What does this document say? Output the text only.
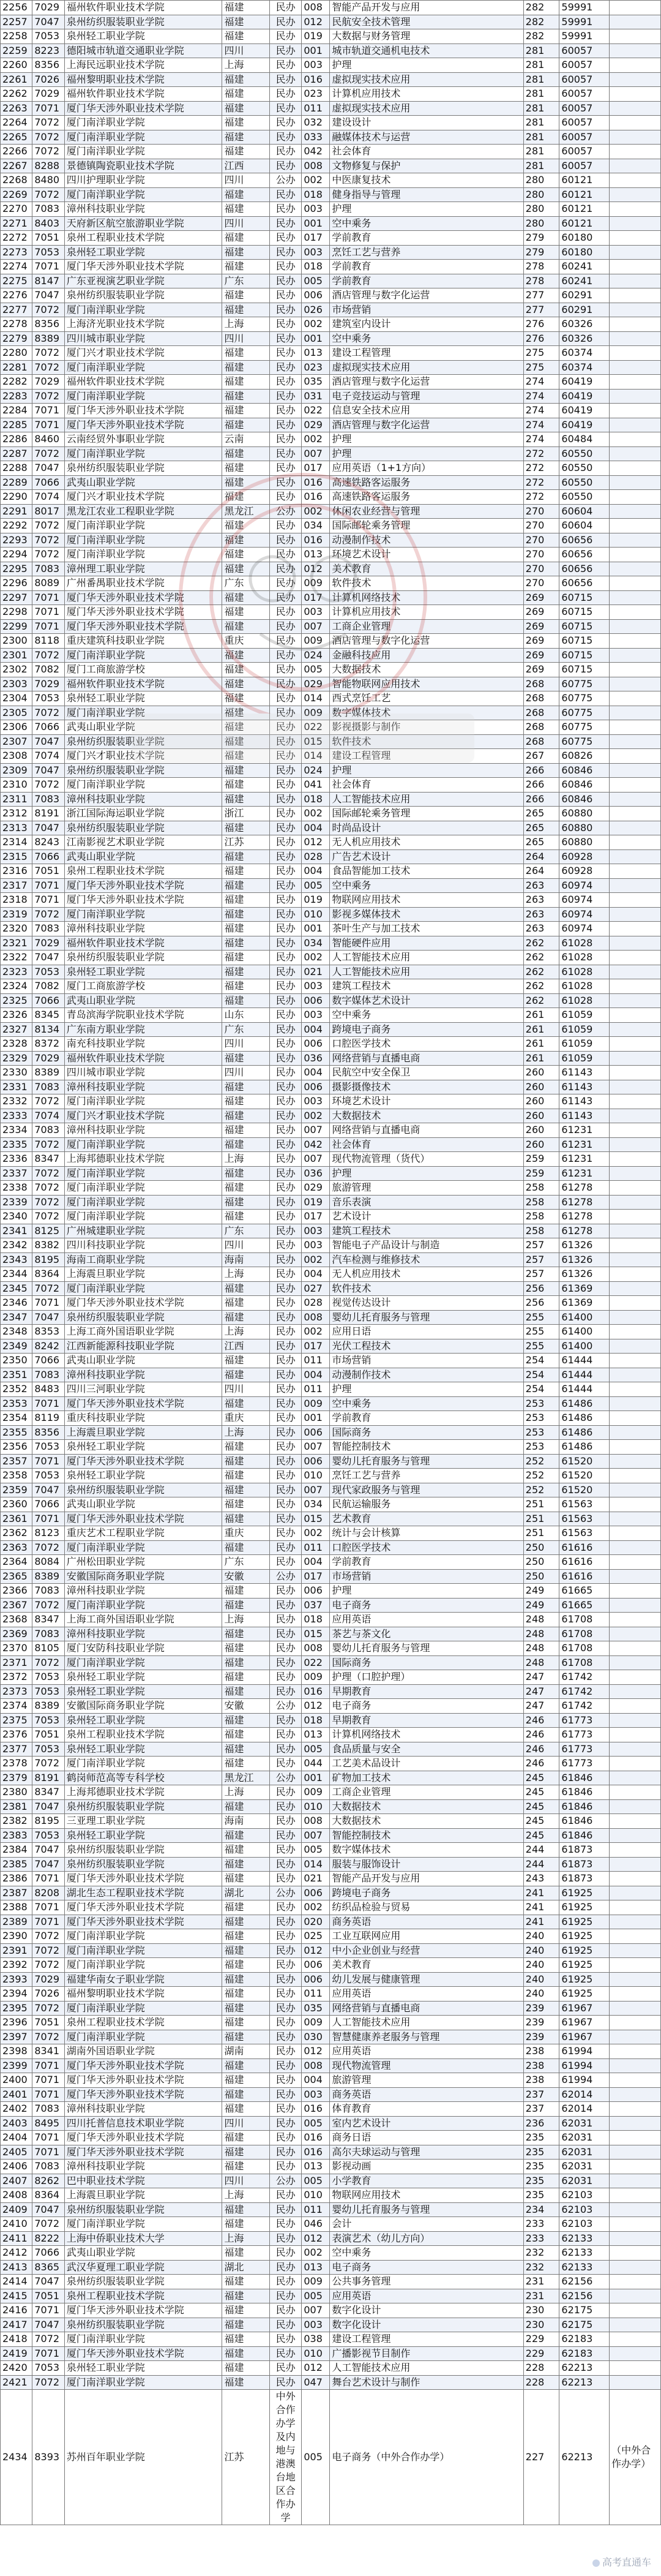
2256	7029	福州软件职业技术学院	福建	民办	008	智能产品开发与应用	282	59991	
2257	7047	泉州纺织服装职业学院	福建	民办	012	民航安全技术管理	282	59991	
2258	7053	泉州轻工职业学院	福建	民办	019	大数据与财务管理	282	59991	
2259	8223	德阳城市轨道交通职业学院	四川	民办	001	城市轨道交通机电技术	281	60057	
2260	8356	上海民远职业技术学院	上海	民办	003	护理	281	60057	
2261	7026	福州黎明职业技术学院	福建	民办	016	虚拟现实技术应用	281	60057	
2262	7029	福州软件职业技术学院	福建	民办	023	计算机应用技术	281	60057	
2263	7071	厦门华天涉外职业技术学院	福建	民办	011	虚拟现实技术应用	281	60057	
2264	7072	厦门南洋职业学院	福建	民办	032	建设设计	281	60057	
2265	7072	厦门南洋职业学院	福建	民办	033	融媒体技术与运营	281	60057	
2266	7072	厦门南洋职业学院	福建	民办	042	社会体育	281	60057	
2267	8288	景德镇陶瓷职业技术学院	江西	民办	008	文物修复与保护	281	60057	
2268	8480	四川护理职业学院	四川	公办	002	中医康复技术	280	60121	
2269	7072	厦门南洋职业学院	福建	民办	018	健身指导与管理	280	60121	
2270	7083	漳州科技职业学院	福建	民办	003	护理	280	60121	
2271	8403	天府新区航空旅游职业学院	四川	民办	001	空中乘务	280	60121	
2272	7051	泉州工程职业技术学院	福建	民办	017	学前教育	279	60180	
2273	7053	泉州轻工职业学院	福建	民办	003	烹饪工艺与营养	279	60180	
2274	7071	厦门华天涉外职业技术学院	福建	民办	018	学前教育	278	60241	
2275	8147	广东亚视演艺职业学院	广东	民办	005	学前教育	278	60241	
2276	7047	泉州纺织服装职业学院	福建	民办	006	酒店管理与数字化运营	277	60291	
2277	7072	厦门南洋职业学院	福建	民办	026	市场营销	277	60291	
2278	8356	上海济光职业技术学院	上海	民办	002	建筑室内设计	276	60326	
2279	8389	四川城市职业学院	四川	民办	001	空中乘务	276	60326	
2280	7072	厦门兴才职业技术学院	福建	民办	013	建设工程管理	275	60374	
2281	7072	厦门南洋职业学院	福建	民办	023	虚拟现实技术应用	275	60374	
2282	7029	福州软件职业技术学院	福建	民办	035	酒店管理与数字化运营	274	60419	
2283	7072	厦门南洋职业学院	福建	民办	031	电子竞技运动与管理	274	60419	
2284	7071	厦门华天涉外职业技术学院	福建	民办	022	信息安全技术应用	274	60419	
2285	7071	厦门华天涉外职业技术学院	福建	民办	029	酒店管理与数字化运营	274	60419	
2286	8460	云南经贸外事职业学院	云南	民办	002	护理	274	60484	
2287	7072	厦门南洋职业学院	福建	民办	007	护理	272	60550	
2288	7047	泉州纺织服装职业学院	福建	民办	017	应用英语（1+1方向）	272	60550	
2289	7066	武夷山职业学院	福建	民办	016	高速铁路客运服务	272	60550	
2290	7074	厦门兴才职业技术学院	福建	民办	016	高速铁路客运服务	272	60550	
2291	8017	黑龙江农业工程职业学院	黑龙江	公办	002	休闲农业经营与管理	270	60604	
2292	7072	厦门南洋职业学院	福建	民办	034	国际邮轮乘务管理	270	60604	
2293	7072	厦门南洋职业学院	福建	民办	016	动漫制作技术	270	60656	
2294	7072	厦门南洋职业学院	福建	民办	013	环境艺术设计	270	60656	
2295	7083	漳州理工职业学院	福建	民办	012	美术教育	270	60656	
2296	8089	广州番禺职业技术学院	广东	民办	009	软件技术	270	60656	
2297	7071	厦门华天涉外职业技术学院	福建	民办	017	计算机网络技术	269	60715	
2298	7071	厦门华天涉外职业技术学院	福建	民办	003	计算机应用技术	269	60715	
2299	7071	厦门华天涉外职业技术学院	福建	民办	007	工商企业管理	269	60715	
2300	8118	重庆建筑科技职业学院	重庆	民办	009	酒店管理与数字化运营	269	60715	
2301	7072	厦门南洋职业学院	福建	民办	024	金融科技应用	269	60715	
2302	7082	厦门工商旅游学校	福建	民办	005	大数据技术	269	60715	
2303	7029	福州软件职业技术学院	福建	民办	029	智能物联网应用技术	268	60775	
2304	7053	泉州轻工职业学院	福建	民办	014	西式烹饪工艺	268	60775	
2305	7072	厦门南洋职业学院	福建	民办	009	数字媒体技术	268	60775	
2306	7066	武夷山职业学院	福建	民办	022	影视摄影与制作	268	60775	
2307	7047	泉州纺织服装职业学院	福建	民办	015	软件技术	268	60775	
2308	7074	厦门兴才职业技术学院	福建	民办	014	建设工程管理	267	60826	
2309	7047	泉州纺织服装职业学院	福建	民办	024	护理	266	60846	
2310	7072	厦门南洋职业学院	福建	民办	041	社会体育	266	60846	
2311	7083	漳州科技职业学院	福建	民办	018	人工智能技术应用	266	60846	
2312	8191	浙江国际海运职业学院	浙江	民办	002	国际邮轮乘务管理	265	60880	
2313	7047	泉州纺织服装职业学院	福建	民办	004	时尚品设计	265	60880	
2314	8243	江南影视艺术职业学院	江苏	民办	012	无人机应用技术	265	60880	
2315	7066	武夷山职业学院	福建	民办	028	广告艺术设计	264	60928	
2316	7051	泉州工程职业技术学院	福建	民办	004	食品智能加工技术	264	60928	
2317	7071	厦门华天涉外职业技术学院	福建	民办	005	空中乘务	263	60974	
2318	7071	厦门华天涉外职业技术学院	福建	民办	019	物联网应用技术	263	60974	
2319	7072	厦门南洋职业学院	福建	民办	010	影视多媒体技术	263	60974	
2320	7083	漳州科技职业学院	福建	民办	001	茶叶生产与加工技术	263	60974	
2321	7029	福州软件职业技术学院	福建	民办	034	智能硬件应用	262	61028	
2322	7047	泉州纺织服装职业学院	福建	民办	002	人工智能技术应用	262	61028	
2323	7053	泉州轻工职业学院	福建	民办	021	人工智能技术应用	262	61028	
2324	7082	厦门工商旅游学校	福建	民办	003	建筑工程技术	262	61028	
2325	7066	武夷山职业学院	福建	民办	006	数字媒体艺术设计	262	61028	
2326	8345	青岛滨海学院职业技术学院	山东	民办	003	空中乘务	261	61059	
2327	8134	广东南方职业学院	广东	民办	004	跨境电子商务	261	61059	
2328	8372	南充科技职业学院	四川	民办	006	口腔医学技术	261	61059	
2329	7029	福州软件职业技术学院	福建	民办	036	网络营销与直播电商	261	61059	
2330	8389	四川城市职业学院	四川	民办	004	民航空中安全保卫	260	61143	
2331	7083	漳州科技职业学院	福建	民办	006	摄影摄像技术	260	61143	
2332	7072	厦门南洋职业学院	福建	民办	003	环境艺术设计	260	61143	
2333	7074	厦门兴才职业技术学院	福建	民办	002	大数据技术	260	61143	
2334	7083	漳州科技职业学院	福建	民办	007	网络营销与直播电商	260	61231	
2335	7072	厦门南洋职业学院	福建	民办	042	社会体育	260	61231	
2336	8347	上海邦德职业技术学院	上海	民办	007	现代物流管理（货代）	259	61231	
2337	7072	厦门南洋职业学院	福建	民办	036	护理	259	61231	
2338	7072	厦门南洋职业学院	福建	民办	029	旅游管理	258	61278	
2339	7072	厦门南洋职业学院	福建	民办	019	音乐表演	258	61278	
2340	7072	厦门南洋职业学院	福建	民办	017	艺术设计	258	61278	
2341	8125	广州城建职业学院	广东	民办	003	建筑工程技术	258	61278	
2342	8382	四川科技职业学院	四川	民办	003	智能电子产品设计与制造	257	61326	
2343	8195	海南工商职业学院	海南	民办	002	汽车检测与维修技术	257	61326	
2344	8364	上海震旦职业学院	上海	民办	004	无人机应用技术	257	61326	
2345	7072	厦门南洋职业学院	福建	民办	027	软件技术	256	61369	
2346	7071	厦门华天涉外职业技术学院	福建	民办	028	视觉传达设计	256	61369	
2347	7047	泉州纺织服装职业学院	福建	民办	008	婴幼儿托育服务与管理	255	61400	
2348	8353	上海工商外国语职业学院	上海	民办	002	应用日语	255	61400	
2349	8242	江西新能源科技职业学院	江西	民办	017	光伏工程技术	255	61400	
2350	7066	武夷山职业学院	福建	民办	011	市场营销	254	61444	
2351	7083	漳州科技职业学院	福建	民办	004	动漫制作技术	254	61444	
2352	8483	四川三河职业学院	四川	民办	011	护理	254	61444	
2353	7071	厦门华天涉外职业技术学院	福建	民办	009	空中乘务	253	61486	
2354	8119	重庆科技职业学院	重庆	民办	001	学前教育	253	61486	
2355	8356	上海震旦职业学院	上海	民办	006	国际商务	253	61486	
2356	7053	泉州轻工职业学院	福建	民办	007	智能控制技术	253	61486	
2357	7071	厦门华天涉外职业技术学院	福建	民办	006	婴幼儿托育服务与管理	252	61520	
2358	7053	泉州轻工职业学院	福建	民办	010	烹饪工艺与营养	252	61520	
2359	7047	泉州纺织服装职业学院	福建	民办	007	现代家政服务与管理	252	61520	
2360	7066	武夷山职业学院	福建	民办	034	民航运输服务	251	61563	
2361	7071	厦门华天涉外职业技术学院	福建	民办	015	艺术教育	251	61563	
2362	8123	重庆艺术工程职业学院	重庆	民办	002	统计与会计核算	251	61563	
2363	7072	厦门南洋职业学院	福建	民办	011	口腔医学技术	250	61616	
2364	8084	广州松田职业学院	广东	民办	004	学前教育	250	61616	
2365	8389	安徽国际商务职业学院	安徽	公办	017	市场营销	250	61616	
2366	7083	漳州科技职业学院	福建	民办	006	护理	249	61665	
2367	7072	厦门南洋职业学院	福建	民办	037	电子商务	249	61665	
2368	8347	上海工商外国语职业学院	上海	民办	018	应用英语	248	61708	
2369	7083	漳州科技职业学院	福建	民办	015	茶艺与茶文化	248	61708	
2370	8105	厦门安防科技职业学院	福建	民办	008	婴幼儿托育服务与管理	248	61708	
2371	7072	厦门南洋职业学院	福建	民办	022	国际商务	248	61708	
2372	7053	泉州轻工职业学院	福建	民办	009	护理（口腔护理）	247	61742	
2373	7053	泉州轻工职业学院	福建	民办	016	早期教育	247	61742	
2374	8389	安徽国际商务职业学院	安徽	公办	012	电子商务	247	61742	
2375	7053	泉州轻工职业学院	福建	民办	018	早期教育	246	61773	
2376	7051	泉州工程职业技术学院	福建	民办	013	计算机网络技术	246	61773	
2377	7053	泉州轻工职业学院	福建	民办	005	食品质量与安全	246	61773	
2378	7072	厦门南洋职业学院	福建	民办	044	工艺美术品设计	246	61773	
2379	8191	鹤岗师范高等专科学校	黑龙江	公办	001	矿物加工技术	245	61846	
2380	8347	上海邦德职业技术学院	上海	民办	009	工商企业管理	245	61846	
2381	7047	泉州纺织服装职业学院	福建	民办	010	大数据技术	245	61846	
2382	8195	三亚理工职业学院	海南	民办	008	大数据技术	245	61846	
2383	7053	泉州轻工职业学院	福建	民办	007	智能控制技术	245	61846	
2384	7047	泉州纺织服装职业学院	福建	民办	005	数字媒体技术	244	61873	
2385	7047	泉州纺织服装职业学院	福建	民办	014	服装与服饰设计	244	61873	
2386	7071	厦门华天涉外职业技术学院	福建	民办	021	智能产品开发与应用	243	61873	
2387	8208	湖北生态工程职业技术学院	湖北	公办	006	跨境电子商务	241	61925	
2388	7071	厦门华天涉外职业技术学院	福建	民办	002	纺织品检验与贸易	241	61925	
2389	7071	厦门华天涉外职业技术学院	福建	民办	020	商务英语	241	61925	
2390	7072	厦门南洋职业学院	福建	民办	025	工业互联网应用	240	61925	
2391	7072	厦门南洋职业学院	福建	民办	012	中小企业创业与经营	240	61925	
2392	7072	厦门南洋职业学院	福建	民办	006	美术教育	240	61925	
2393	7029	福建华南女子职业学院	福建	民办	006	幼儿发展与健康管理	240	61925	
2394	7026	福州黎明职业技术学院	福建	民办	011	应用英语	240	61925	
2395	7072	厦门南洋职业学院	福建	民办	035	网络营销与直播电商	239	61967	
2396	7051	泉州工程职业技术学院	福建	民办	009	人工智能技术应用	239	61967	
2397	7072	厦门南洋职业学院	福建	民办	030	智慧健康养老服务与管理	239	61967	
2398	8341	湖南外国语职业学院	湖南	民办	012	应用英语	238	61994	
2399	7071	厦门华天涉外职业技术学院	福建	民办	008	现代物流管理	238	61994	
2400	7071	厦门华天涉外职业技术学院	福建	民办	004	旅游管理	238	61994	
2401	7071	厦门华天涉外职业技术学院	福建	民办	003	商务英语	237	62014	
2402	7083	漳州科技职业学院	福建	民办	016	体育教育	237	62014	
2403	8495	四川托普信息技术职业学院	四川	民办	005	室内艺术设计	236	62031	
2404	7071	厦门华天涉外职业技术学院	福建	民办	016	商务日语	235	62031	
2405	7071	厦门华天涉外职业技术学院	福建	民办	016	高尔夫球运动与管理	235	62031	
2406	7083	漳州科技职业学院	福建	民办	013	影视动画	235	62031	
2407	8262	巴中职业技术学院	四川	公办	005	小学教育	235	62031	
2408	8364	上海震旦职业学院	上海	民办	010	物联网应用技术	235	62103	
2409	7047	泉州纺织服装职业学院	福建	民办	011	婴幼儿托育服务与管理	234	62103	
2410	7072	厦门南洋职业学院	福建	民办	046	会计	233	62103	
2411	8222	上海中侨职业技术大学	上海	民办	012	表演艺术（幼儿方向）	233	62133	
2412	7066	武夷山职业学院	福建	民办	002	空中乘务	232	62133	
2413	8365	武汉华夏理工职业学院	湖北	民办	013	电子商务	232	62133	
2414	7047	泉州纺织服装职业学院	福建	民办	009	公共事务管理	231	62156	
2415	7051	泉州工程职业技术学院	福建	民办	005	应用英语	231	62156	
2416	7071	厦门华天涉外职业技术学院	福建	民办	007	数字化设计	230	62175	
2417	7047	泉州纺织服装职业学院	福建	民办	003	数字化设计	230	62175	
2418	7072	厦门南洋职业学院	福建	民办	038	建设工程管理	229	62183	
2419	7071	厦门华天涉外职业技术学院	福建	民办	010	广播影视节目制作	229	62183	
2420	7053	泉州轻工职业学院	福建	民办	012	人工智能技术应用	228	62213	
2421	7072	厦门南洋职业学院	福建	民办	047	舞台艺术设计与制作	228	62213	
2434	8393	苏州百年职业学院	江苏	中外合作办学及内地与港澳台地区合作办学	005	电子商务（中外合作办学）	227	62213	（中外合作办学）
高考直通车
